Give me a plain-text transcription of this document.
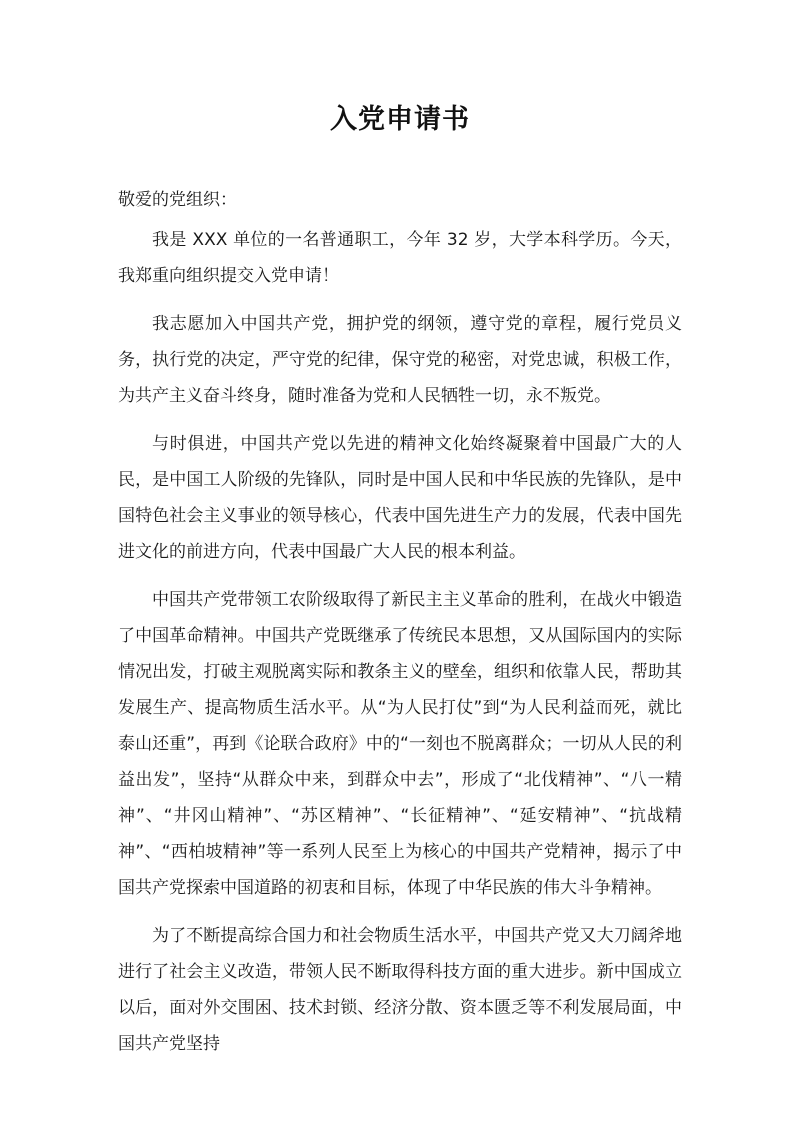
入党申请书

敬爱的党组织：

我是 XXX 单位的一名普通职工，今年 32 岁，大学本科学历。今天，我郑重向组织提交入党申请！

我志愿加入中国共产党，拥护党的纲领，遵守党的章程，履行党员义务，执行党的决定，严守党的纪律，保守党的秘密，对党忠诚，积极工作，为共产主义奋斗终身，随时准备为党和人民牺牲一切，永不叛党。

与时俱进，中国共产党以先进的精神文化始终凝聚着中国最广大的人民，是中国工人阶级的先锋队，同时是中国人民和中华民族的先锋队，是中国特色社会主义事业的领导核心，代表中国先进生产力的发展，代表中国先进文化的前进方向，代表中国最广大人民的根本利益。

中国共产党带领工农阶级取得了新民主主义革命的胜利，在战火中锻造了中国革命精神。中国共产党既继承了传统民本思想，又从国际国内的实际情况出发，打破主观脱离实际和教条主义的壁垒，组织和依靠人民，帮助其发展生产、提高物质生活水平。从“为人民打仗”到“为人民利益而死，就比泰山还重”，再到《论联合政府》中的“一刻也不脱离群众；一切从人民的利益出发”，坚持“从群众中来，到群众中去”，形成了“北伐精神”、“八一精神”、“井冈山精神”、“苏区精神”、“长征精神”、“延安精神”、“抗战精神”、“西柏坡精神”等一系列人民至上为核心的中国共产党精神，揭示了中国共产党探索中国道路的初衷和目标，体现了中华民族的伟大斗争精神。

为了不断提高综合国力和社会物质生活水平，中国共产党又大刀阔斧地进行了社会主义改造，带领人民不断取得科技方面的重大进步。新中国成立以后，面对外交围困、技术封锁、经济分散、资本匮乏等不利发展局面，中国共产党坚持
